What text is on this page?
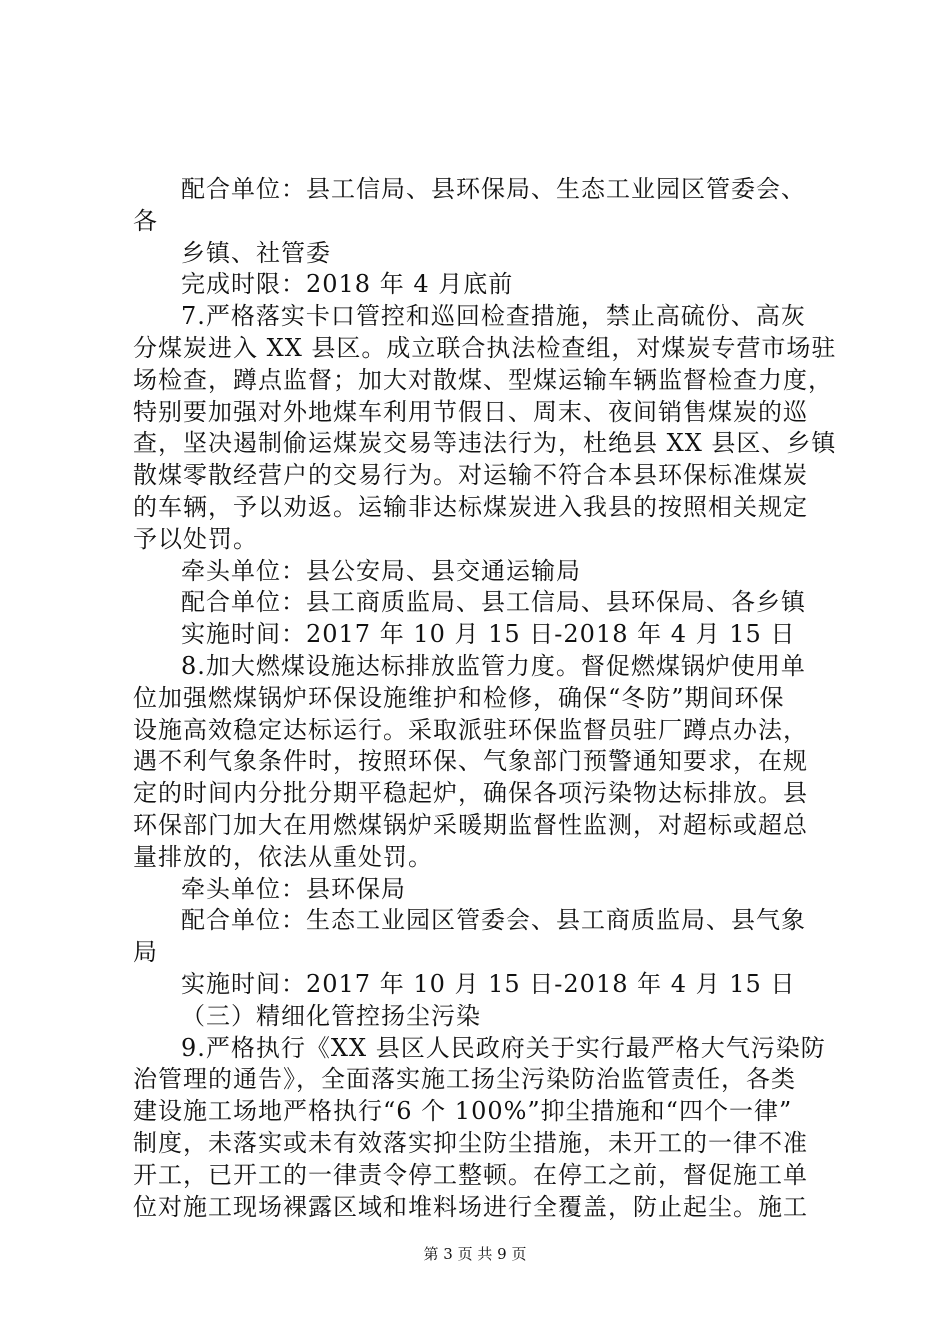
配合单位：县工信局、县环保局、生态工业园区管委会、
各
乡镇、社管委
完成时限：2018 年 4 月底前
7.严格落实卡口管控和巡回检查措施，禁止高硫份、高灰
分煤炭进入 XX 县区。成立联合执法检查组，对煤炭专营市场驻
场检查，蹲点监督；加大对散煤、型煤运输车辆监督检查力度，
特别要加强对外地煤车利用节假日、周末、夜间销售煤炭的巡
查，坚决遏制偷运煤炭交易等违法行为，杜绝县 XX 县区、乡镇
散煤零散经营户的交易行为。对运输不符合本县环保标准煤炭
的车辆，予以劝返。运输非达标煤炭进入我县的按照相关规定
予以处罚。
牵头单位：县公安局、县交通运输局
配合单位：县工商质监局、县工信局、县环保局、各乡镇
实施时间：2017 年 10 月 15 日-2018 年 4 月 15 日
8.加大燃煤设施达标排放监管力度。督促燃煤锅炉使用单
位加强燃煤锅炉环保设施维护和检修，确保“冬防”期间环保
设施高效稳定达标运行。采取派驻环保监督员驻厂蹲点办法，
遇不利气象条件时，按照环保、气象部门预警通知要求，在规
定的时间内分批分期平稳起炉，确保各项污染物达标排放。县
环保部门加大在用燃煤锅炉采暖期监督性监测，对超标或超总
量排放的，依法从重处罚。
牵头单位：县环保局
配合单位：生态工业园区管委会、县工商质监局、县气象
局
实施时间：2017 年 10 月 15 日-2018 年 4 月 15 日
（三）精细化管控扬尘污染
9.严格执行《XX 县区人民政府关于实行最严格大气污染防
治管理的通告》，全面落实施工扬尘污染防治监管责任，各类
建设施工场地严格执行“6 个 100%”抑尘措施和“四个一律”
制度，未落实或未有效落实抑尘防尘措施，未开工的一律不准
开工，已开工的一律责令停工整顿。在停工之前，督促施工单
位对施工现场裸露区域和堆料场进行全覆盖，防止起尘。施工
第 3 页 共 9 页
